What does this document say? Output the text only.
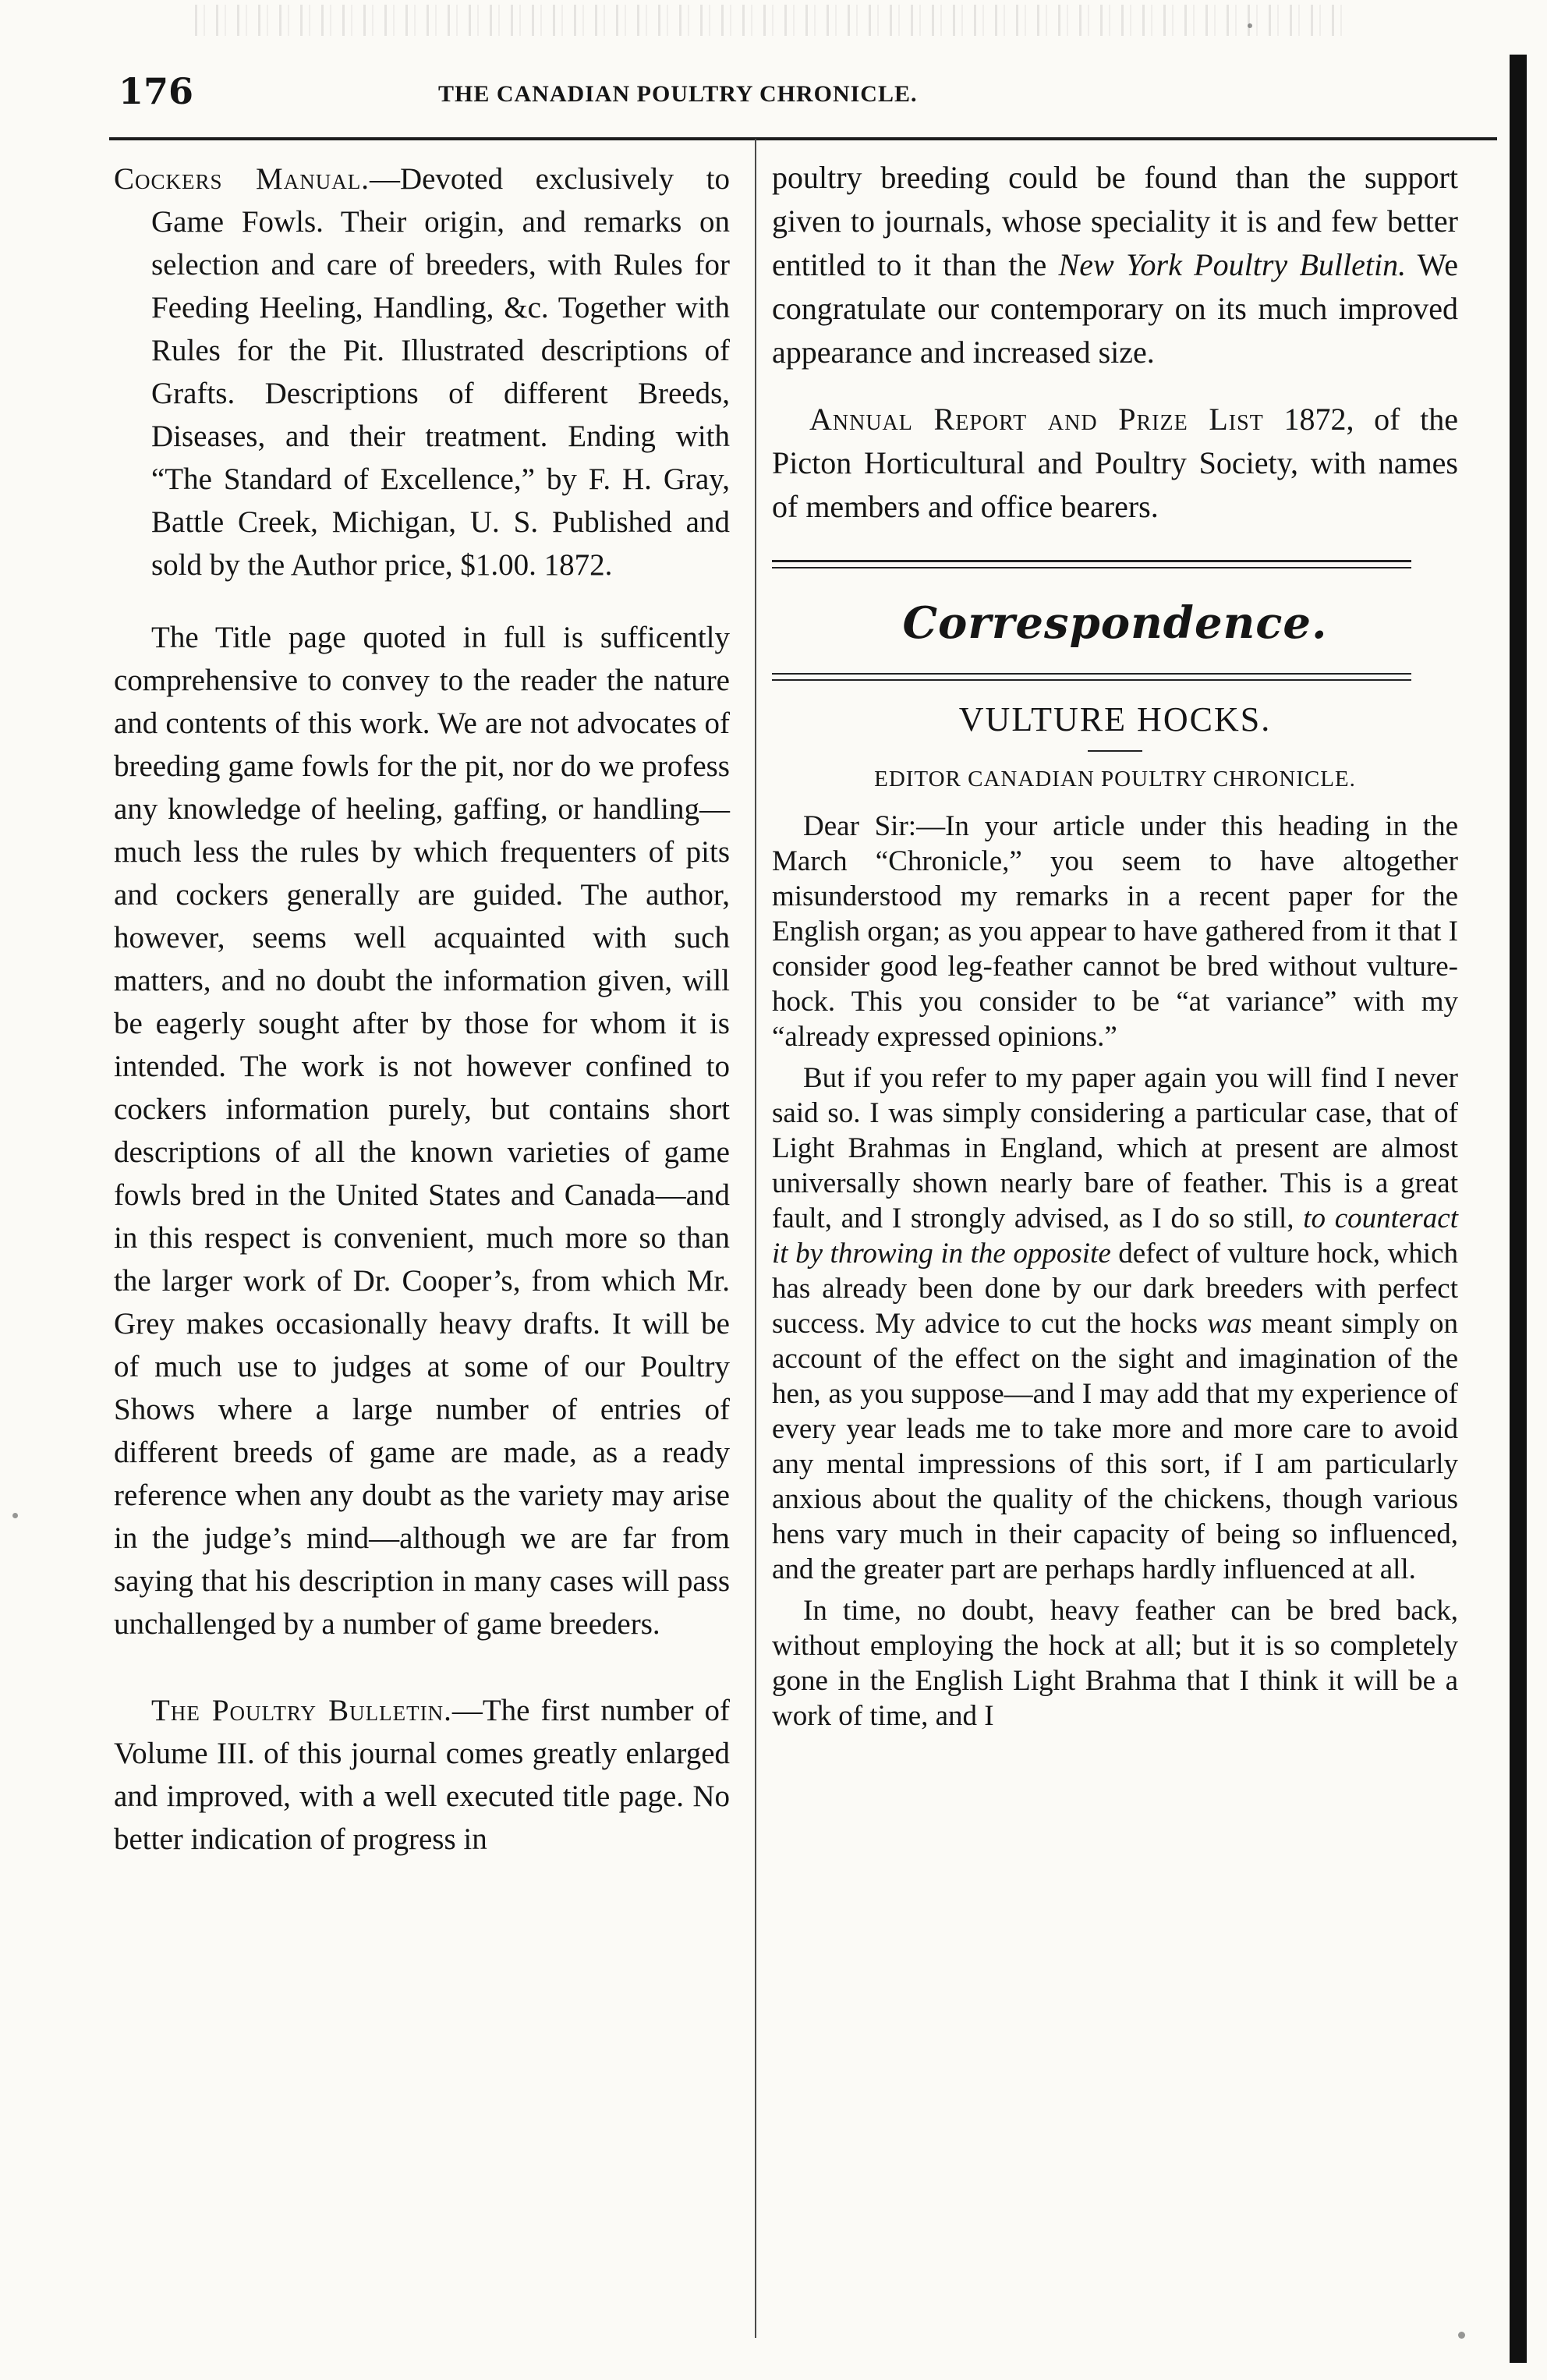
176	THE CANADIAN POULTRY CHRONICLE.

Cockers Manual.—Devoted exclusively to Game Fowls. Their origin, and remarks on selection and care of breeders, with Rules for Feeding Heeling, Handling, &c. Together with Rules for the Pit. Illustrated descriptions of Grafts. Descriptions of different Breeds, Diseases, and their treatment. Ending with “The Standard of Excellence,” by F. H. Gray, Battle Creek, Michigan, U. S. Published and sold by the Author price, $1.00. 1872.

The Title page quoted in full is sufficently comprehensive to convey to the reader the nature and contents of this work. We are not advocates of breeding game fowls for the pit, nor do we profess any knowledge of heeling, gaffing, or handling—much less the rules by which frequenters of pits and cockers generally are guided. The author, however, seems well acquainted with such matters, and no doubt the information given, will be eagerly sought after by those for whom it is intended. The work is not however confined to cockers information purely, but contains short descriptions of all the known varieties of game fowls bred in the United States and Canada—and in this respect is convenient, much more so than the larger work of Dr. Cooper’s, from which Mr. Grey makes occasionally heavy drafts. It will be of much use to judges at some of our Poultry Shows where a large number of entries of different breeds of game are made, as a ready reference when any doubt as the variety may arise in the judge’s mind—although we are far from saying that his description in many cases will pass unchallenged by a number of game breeders.

The Poultry Bulletin.—The first number of Volume III. of this journal comes greatly enlarged and improved, with a well executed title page. No better indication of progress in

poultry breeding could be found than the support given to journals, whose speciality it is and few better entitled to it than the New York Poultry Bulletin. We congratulate our contemporary on its much improved appearance and increased size.

Annual Report and Prize List 1872, of the Picton Horticultural and Poultry Society, with names of members and office bearers.

Correspondence.
VULTURE HOCKS.
EDITOR CANADIAN POULTRY CHRONICLE.

Dear Sir:—In your article under this heading in the March “Chronicle,” you seem to have altogether misunderstood my remarks in a recent paper for the English organ; as you appear to have gathered from it that I consider good leg-feather cannot be bred without vulture-hock. This you consider to be “at variance” with my “already expressed opinions.”

But if you refer to my paper again you will find I never said so. I was simply considering a particular case, that of Light Brahmas in England, which at present are almost universally shown nearly bare of feather. This is a great fault, and I strongly advised, as I do so still, to counteract it by throwing in the opposite defect of vulture hock, which has already been done by our dark breeders with perfect success. My advice to cut the hocks was meant simply on account of the effect on the sight and imagination of the hen, as you suppose—and I may add that my experience of every year leads me to take more and more care to avoid any mental impressions of this sort, if I am particularly anxious about the quality of the chickens, though various hens vary much in their capacity of being so influenced, and the greater part are perhaps hardly influenced at all.

In time, no doubt, heavy feather can be bred back, without employing the hock at all; but it is so completely gone in the English Light Brahma that I think it will be a work of time, and I
